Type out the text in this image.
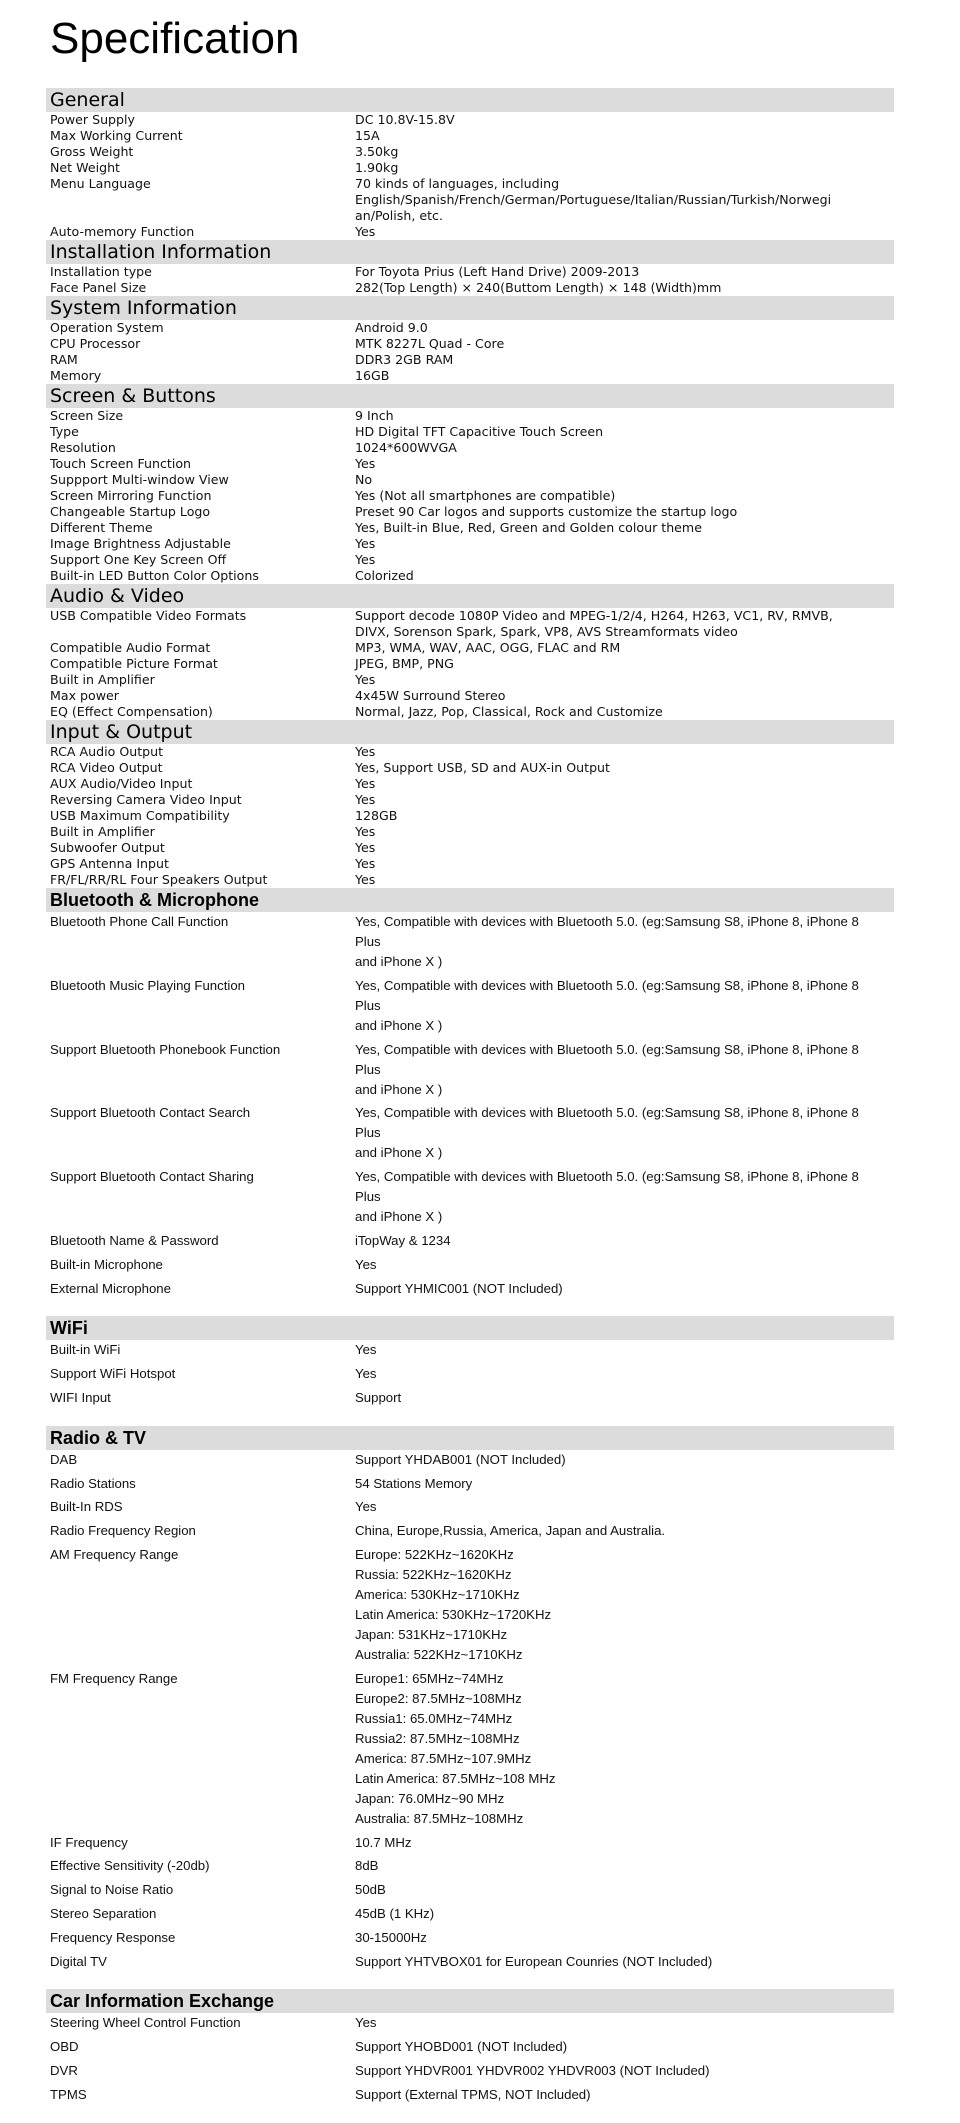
Specification
General
Power Supply	DC 10.8V-15.8V
Max Working Current	15A
Gross Weight	3.50kg
Net Weight	1.90kg
Menu Language	70 kinds of languages, including
English/Spanish/French/German/Portuguese/Italian/Russian/Turkish/Norwegi
an/Polish, etc.
Auto-memory Function	Yes
Installation Information
Installation type	For Toyota Prius (Left Hand Drive) 2009-2013
Face Panel Size	282(Top Length) × 240(Buttom Length) × 148 (Width)mm
System Information
Operation System	Android 9.0
CPU Processor	MTK 8227L Quad - Core
RAM	DDR3 2GB RAM
Memory	16GB
Screen & Buttons
Screen Size	9 Inch
Type	HD Digital TFT Capacitive Touch Screen
Resolution	1024*600WVGA
Touch Screen Function	Yes
Suppport Multi-window View	No
Screen Mirroring Function	Yes (Not all smartphones are compatible)
Changeable Startup Logo	Preset 90 Car logos and supports customize the startup logo
Different Theme	Yes, Built-in Blue, Red, Green and Golden colour theme
Image Brightness Adjustable	Yes
Support One Key Screen Off	Yes
Built-in LED Button Color Options	Colorized
Audio & Video
USB Compatible Video Formats	Support decode 1080P Video and MPEG-1/2/4, H264, H263, VC1, RV, RMVB,
DIVX, Sorenson Spark, Spark, VP8, AVS Streamformats video
Compatible Audio Format	MP3, WMA, WAV, AAC, OGG, FLAC and RM
Compatible Picture Format	JPEG, BMP, PNG
Built in Amplifier	Yes
Max power	4x45W Surround Stereo
EQ (Effect Compensation)	Normal, Jazz, Pop, Classical, Rock and Customize
Input & Output
RCA Audio Output	Yes
RCA Video Output	Yes, Support USB, SD and AUX-in Output
AUX Audio/Video Input	Yes
Reversing Camera Video Input	Yes
USB Maximum Compatibility	128GB
Built in Amplifier	Yes
Subwoofer Output	Yes
GPS Antenna Input	Yes
FR/FL/RR/RL Four Speakers Output	Yes
Bluetooth & Microphone
Bluetooth Phone Call Function	Yes, Compatible with devices with Bluetooth 5.0. (eg:Samsung S8, iPhone 8, iPhone 8 Plus
and iPhone X )
Bluetooth Music Playing Function	Yes, Compatible with devices with Bluetooth 5.0. (eg:Samsung S8, iPhone 8, iPhone 8 Plus
and iPhone X )
Support Bluetooth Phonebook Function	Yes, Compatible with devices with Bluetooth 5.0. (eg:Samsung S8, iPhone 8, iPhone 8 Plus
and iPhone X )
Support Bluetooth Contact Search	Yes, Compatible with devices with Bluetooth 5.0. (eg:Samsung S8, iPhone 8, iPhone 8 Plus
and iPhone X )
Support Bluetooth Contact Sharing	Yes, Compatible with devices with Bluetooth 5.0. (eg:Samsung S8, iPhone 8, iPhone 8 Plus
and iPhone X )
Bluetooth Name & Password	iTopWay & 1234
Built-in Microphone	Yes
External Microphone	Support YHMIC001 (NOT Included)
WiFi
Built-in WiFi	Yes
Support WiFi Hotspot	Yes
WIFI Input	Support
Radio & TV
DAB	Support YHDAB001 (NOT Included)
Radio Stations	54 Stations Memory
Built-In RDS	Yes
Radio Frequency Region	China, Europe,Russia, America, Japan and Australia.
AM Frequency Range	Europe: 522KHz~1620KHz
Russia: 522KHz~1620KHz
America: 530KHz~1710KHz
Latin America: 530KHz~1720KHz
Japan: 531KHz~1710KHz
Australia: 522KHz~1710KHz
FM Frequency Range	Europe1: 65MHz~74MHz
Europe2: 87.5MHz~108MHz
Russia1: 65.0MHz~74MHz
Russia2: 87.5MHz~108MHz
America: 87.5MHz~107.9MHz
Latin America: 87.5MHz~108 MHz
Japan: 76.0MHz~90 MHz
Australia: 87.5MHz~108MHz
IF Frequency	10.7 MHz
Effective Sensitivity (-20db)	8dB
Signal to Noise Ratio	50dB
Stereo Separation	45dB (1 KHz)
Frequency Response	30-15000Hz
Digital TV	Support YHTVBOX01 for European Counries (NOT Included)
Car Information Exchange
Steering Wheel Control Function	Yes
OBD	Support YHOBD001 (NOT Included)
DVR	Support YHDVR001 YHDVR002 YHDVR003 (NOT Included)
TPMS	Support (External TPMS, NOT Included)
